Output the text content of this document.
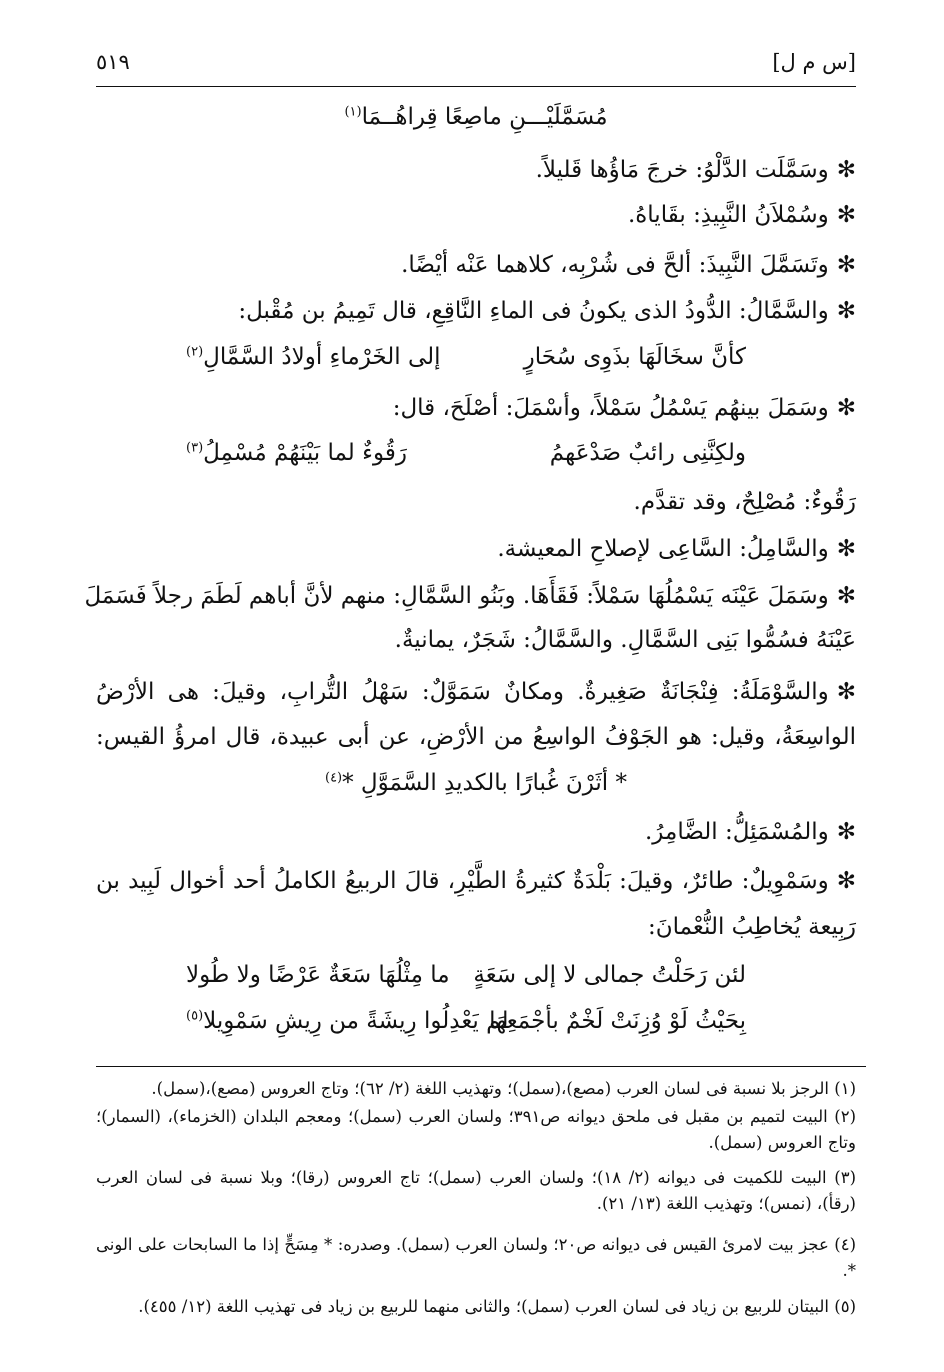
٥١٩	[س م ل]
مُسَمَّلَيْـــنِ ماصِعًا قِراهُــمَا$^{(١)}$
✻وسَمَّلَت الدَّلْوُ: خرجَ مَاؤُها قَليلاً.
✻وسُمْلاَنُ النَّبِيذِ: بقَاياهُ.
✻وتَسَمَّلَ النَّبِيذَ: ألحَّ فى شُرْبِه، كلاهما عَنْه أيْضًا.
✻والسَّمَّالُ: الدُّودُ الذى يكونُ فى الماءِ النَّاقِعِ، قال تَمِيمُ بن مُقْبل:
كأنَّ سخَالَهَا بذَوِى سُحَارٍ
إلى الخَرْماءِ أولادُ السَّمَّالِ$^{(٢)}$
✻وسَمَلَ بينهُم يَسْمُلُ سَمْلاً، وأسْمَلَ: أصْلَحَ، قال:
ولكِنَّنِى رائبٌ صَدْعَهمُ
رَقُوءٌ لما بَيْنَهُمْ مُسْمِلُ$^{(٣)}$
رَقُوءٌ: مُصْلِحٌ، وقد تقدَّم.
✻والسَّامِلُ: السَّاعِى لإصلاحِ المعيشة.
✻وسَمَلَ عَيْنَه يَسْمُلُهَا سَمْلاً: فَقَأَهَا. وبَنُو السَّمَّالِ: منهم لأنَّ أباهم لَطَمَ رجلاً فَسَمَلَ
عَيْنَهُ فسُمُّوا بَنِى السَّمَّالِ. والسَّمَّالُ: شَجَرٌ، يمانيةٌ.
✻والسَّوْمَلَةُ: فِنْجَانَةٌ صَغِيرةٌ. ومكانٌ سَمَوَّلٌ: سَهْلُ التُّرابِ، وقيلَ: هى الأرْضُ
الواسِعَةُ، وقيل: هو الجَوْفُ الواسِعُ من الأرْضِ، عن أبى عبيدة، قال امرؤُ القيس:
* أثَرْنَ غُبارًا بالكديدِ السَّمَوَّلِ *$^{(٤)}$
✻والمُسْمَئِلُّ: الضَّامِرُ.
✻وسَمْوِيلٌ: طائرٌ، وقيلَ: بَلْدَةٌ كثيرةُ الطَّيْرِ، قالَ الربيعُ الكاملُ أحد أخوال لَبِيد بن
رَبِيعة يُخاطِبُ النُّعْمانَ:
لئن رَحَلْتُ جمالى لا إلى سَعَةٍ
ما مِثْلُهَا سَعَةٌ عَرْضًا ولا طُولا
بِحَيْثُ لَوْ وُزِنَتْ لَخْمٌ بأجْمَعِهَا
لم يَعْدِلُوا رِيشَةً من رِيشِ سَمْوِيلا$^{(٥)}$
(١) الرجز بلا نسبة فى لسان العرب (مصع)،(سمل)؛ وتهذيب اللغة (٢/ ٦٢)؛ وتاج العروس (مصع)،(سمل).
(٢) البيت لتميم بن مقبل فى ملحق ديوانه ص٣٩١؛ ولسان العرب (سمل)؛ ومعجم البلدان (الخزماء)، (السمار)؛ وتاج العروس (سمل).
(٣) البيت للكميت فى ديوانه (٢/ ١٨)؛ ولسان العرب (سمل)؛ تاج العروس (رقا)؛ وبلا نسبة فى لسان العرب (رقأ)، (نمس)؛ وتهذيب اللغة (١٣/ ٢١).
(٤) عجز بيت لامرئ القيس فى ديوانه ص٢٠؛ ولسان العرب (سمل). وصدره: * مِسَحٍّ إذا ما السابحات على الونى *.
(٥) البيتان للربيع بن زياد فى لسان العرب (سمل)؛ والثانى منهما للربيع بن زياد فى تهذيب اللغة (١٢/ ٤٥٥).
